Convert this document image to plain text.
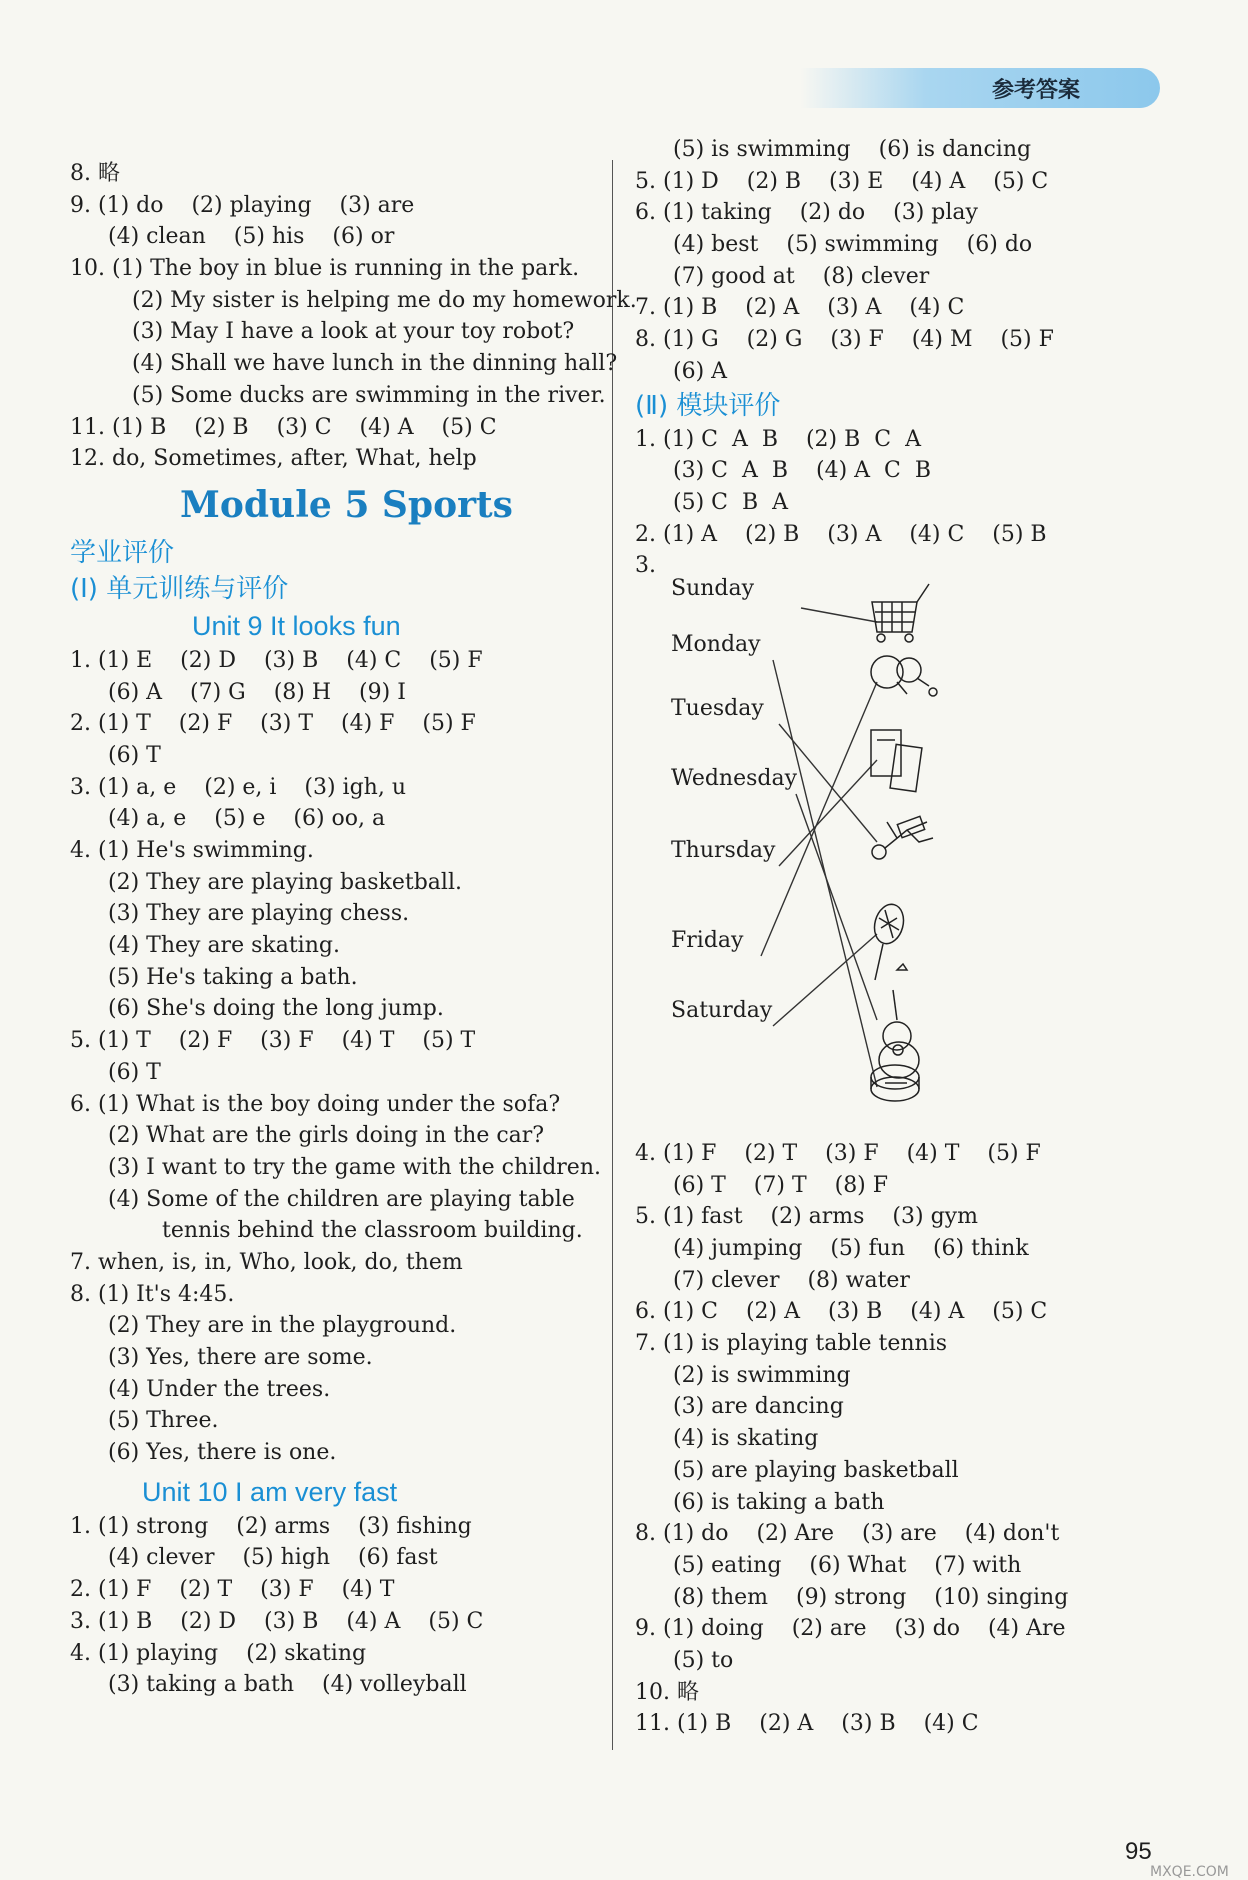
参考答案
8. 略
9. (1) do    (2) playing    (3) are
(4) clean    (5) his    (6) or
10. (1) The boy in blue is running in the park.
(2) My sister is helping me do my homework.
(3) May I have a look at your toy robot?
(4) Shall we have lunch in the dinning hall?
(5) Some ducks are swimming in the river.
11. (1) B    (2) B    (3) C    (4) A    (5) C
12. do, Sometimes, after, What, help
Module 5 Sports
学业评价
(Ⅰ) 单元训练与评价
Unit 9 It looks fun
1. (1) E    (2) D    (3) B    (4) C    (5) F
(6) A    (7) G    (8) H    (9) I
2. (1) T    (2) F    (3) T    (4) F    (5) F
(6) T
3. (1) a, e    (2) e, i    (3) igh, u
(4) a, e    (5) e    (6) oo, a
4. (1) He's swimming.
(2) They are playing basketball.
(3) They are playing chess.
(4) They are skating.
(5) He's taking a bath.
(6) She's doing the long jump.
5. (1) T    (2) F    (3) F    (4) T    (5) T
(6) T
6. (1) What is the boy doing under the sofa?
(2) What are the girls doing in the car?
(3) I want to try the game with the children.
(4) Some of the children are playing table
tennis behind the classroom building.
7. when, is, in, Who, look, do, them
8. (1) It's 4:45.
(2) They are in the playground.
(3) Yes, there are some.
(4) Under the trees.
(5) Three.
(6) Yes, there is one.
Unit 10 I am very fast
1. (1) strong    (2) arms    (3) fishing
(4) clever    (5) high    (6) fast
2. (1) F    (2) T    (3) F    (4) T
3. (1) B    (2) D    (3) B    (4) A    (5) C
4. (1) playing    (2) skating
(3) taking a bath    (4) volleyball
(5) is swimming    (6) is dancing
5. (1) D    (2) B    (3) E    (4) A    (5) C
6. (1) taking    (2) do    (3) play
(4) best    (5) swimming    (6) do
(7) good at    (8) clever
7. (1) B    (2) A    (3) A    (4) C
8. (1) G    (2) G    (3) F    (4) M    (5) F
(6) A
(Ⅱ) 模块评价
1. (1) C  A  B    (2) B  C  A
(3) C  A  B    (4) A  C  B
(5) C  B  A
2. (1) A    (2) B    (3) A    (4) C    (5) B
3.
Sunday
Monday
Tuesday
Wednesday
Thursday
Friday
Saturday
4. (1) F    (2) T    (3) F    (4) T    (5) F
(6) T    (7) T    (8) F
5. (1) fast    (2) arms    (3) gym
(4) jumping    (5) fun    (6) think
(7) clever    (8) water
6. (1) C    (2) A    (3) B    (4) A    (5) C
7. (1) is playing table tennis
(2) is swimming
(3) are dancing
(4) is skating
(5) are playing basketball
(6) is taking a bath
8. (1) do    (2) Are    (3) are    (4) don't
(5) eating    (6) What    (7) with
(8) them    (9) strong    (10) singing
9. (1) doing    (2) are    (3) do    (4) Are
(5) to
10. 略
11. (1) B    (2) A    (3) B    (4) C
95
MXQE.COM
